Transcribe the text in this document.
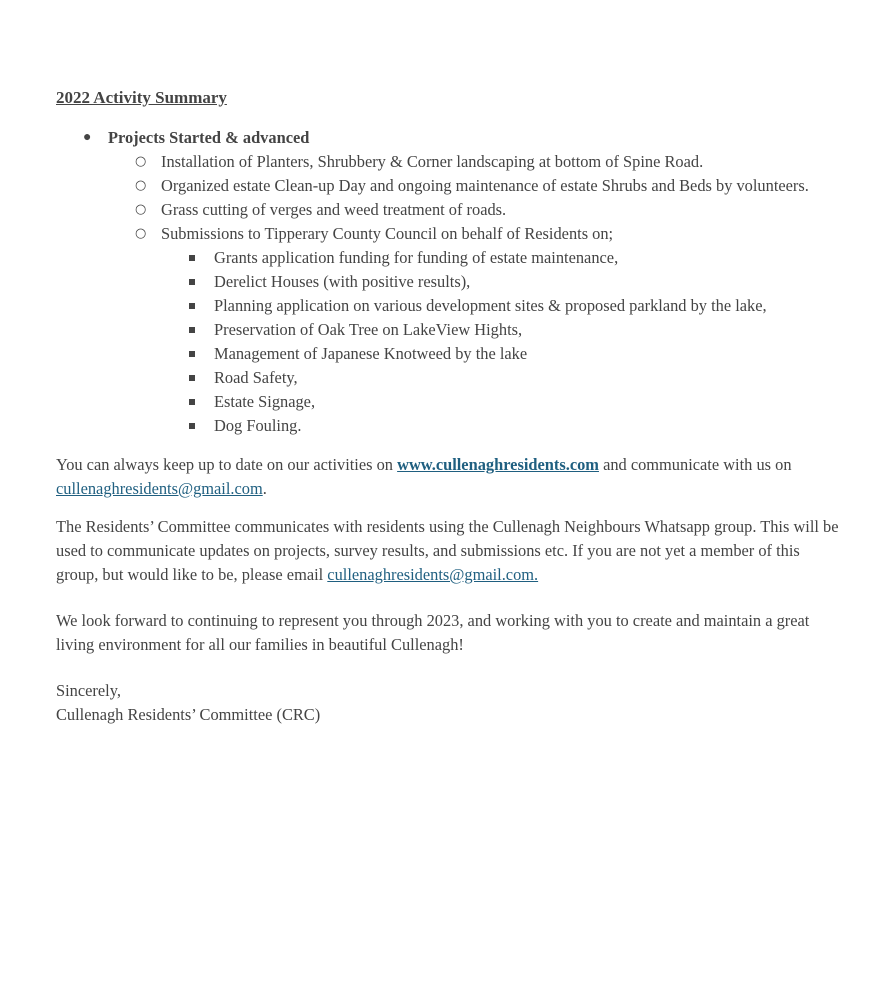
2022 Activity Summary
● Projects Started & advanced
○ Installation of Planters, Shrubbery & Corner landscaping at bottom of Spine Road.
○ Organized estate Clean-up Day and ongoing maintenance of estate Shrubs and Beds by volunteers.
○ Grass cutting of verges and weed treatment of roads.
○ Submissions to Tipperary County Council on behalf of Residents on;
Grants application funding for funding of estate maintenance,
Derelict Houses (with positive results),
Planning application on various development sites & proposed parkland by the lake,
Preservation of Oak Tree on LakeView Hights,
Management of Japanese Knotweed by the lake
Road Safety,
Estate Signage,
Dog Fouling.

You can always keep up to date on our activities on www.cullenaghresidents.com and communicate with us on cullenaghresidents@gmail.com.

The Residents’ Committee communicates with residents using the Cullenagh Neighbours Whatsapp group. This will be used to communicate updates on projects, survey results, and submissions etc. If you are not yet a member of this group, but would like to be, please email cullenaghresidents@gmail.com.

We look forward to continuing to represent you through 2023, and working with you to create and maintain a great living environment for all our families in beautiful Cullenagh!

Sincerely,
Cullenagh Residents’ Committee (CRC)
